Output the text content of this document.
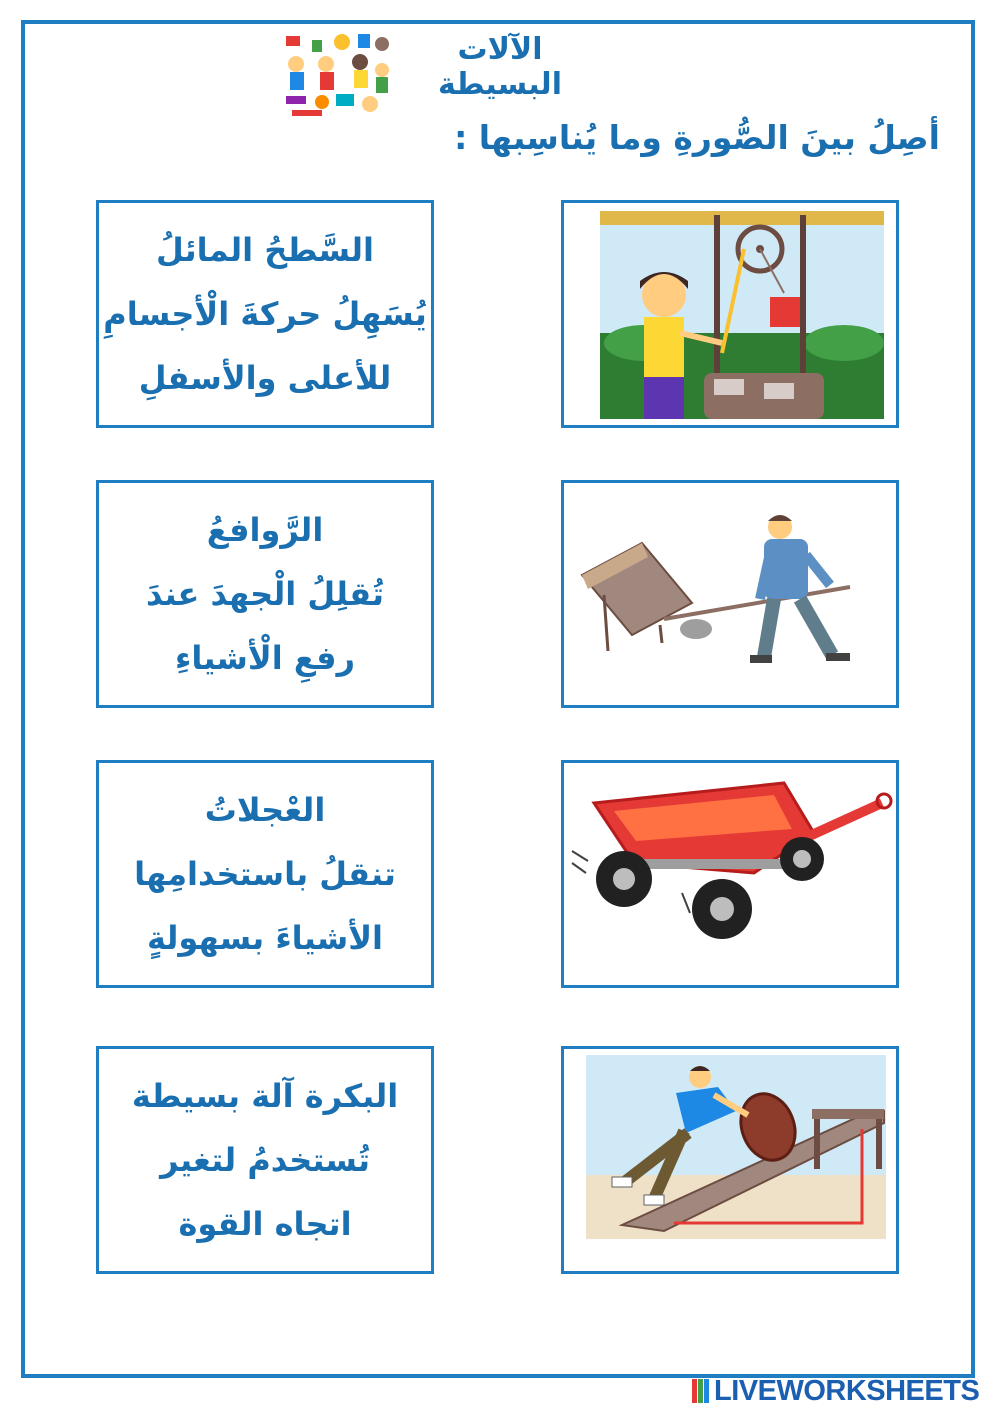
الآلات البسيطة
أصِلُ بينَ الصُّورةِ وما يُناسِبها :
السَّطحُ المائلُ
يُسَهِلُ حركةَ الْأجسامِ
للأعلى والأسفلِ
الرَّوافعُ
تُقلِلُ الْجهدَ عندَ
رفعِ الْأشياءِ
العْجلاتُ
تنقلُ باستخدامِها
الأشياءَ بسهولةٍ
البكرة آلة بسيطة
تُستخدمُ لتغير
اتجاه القوة
LIVEWORKSHEETS
